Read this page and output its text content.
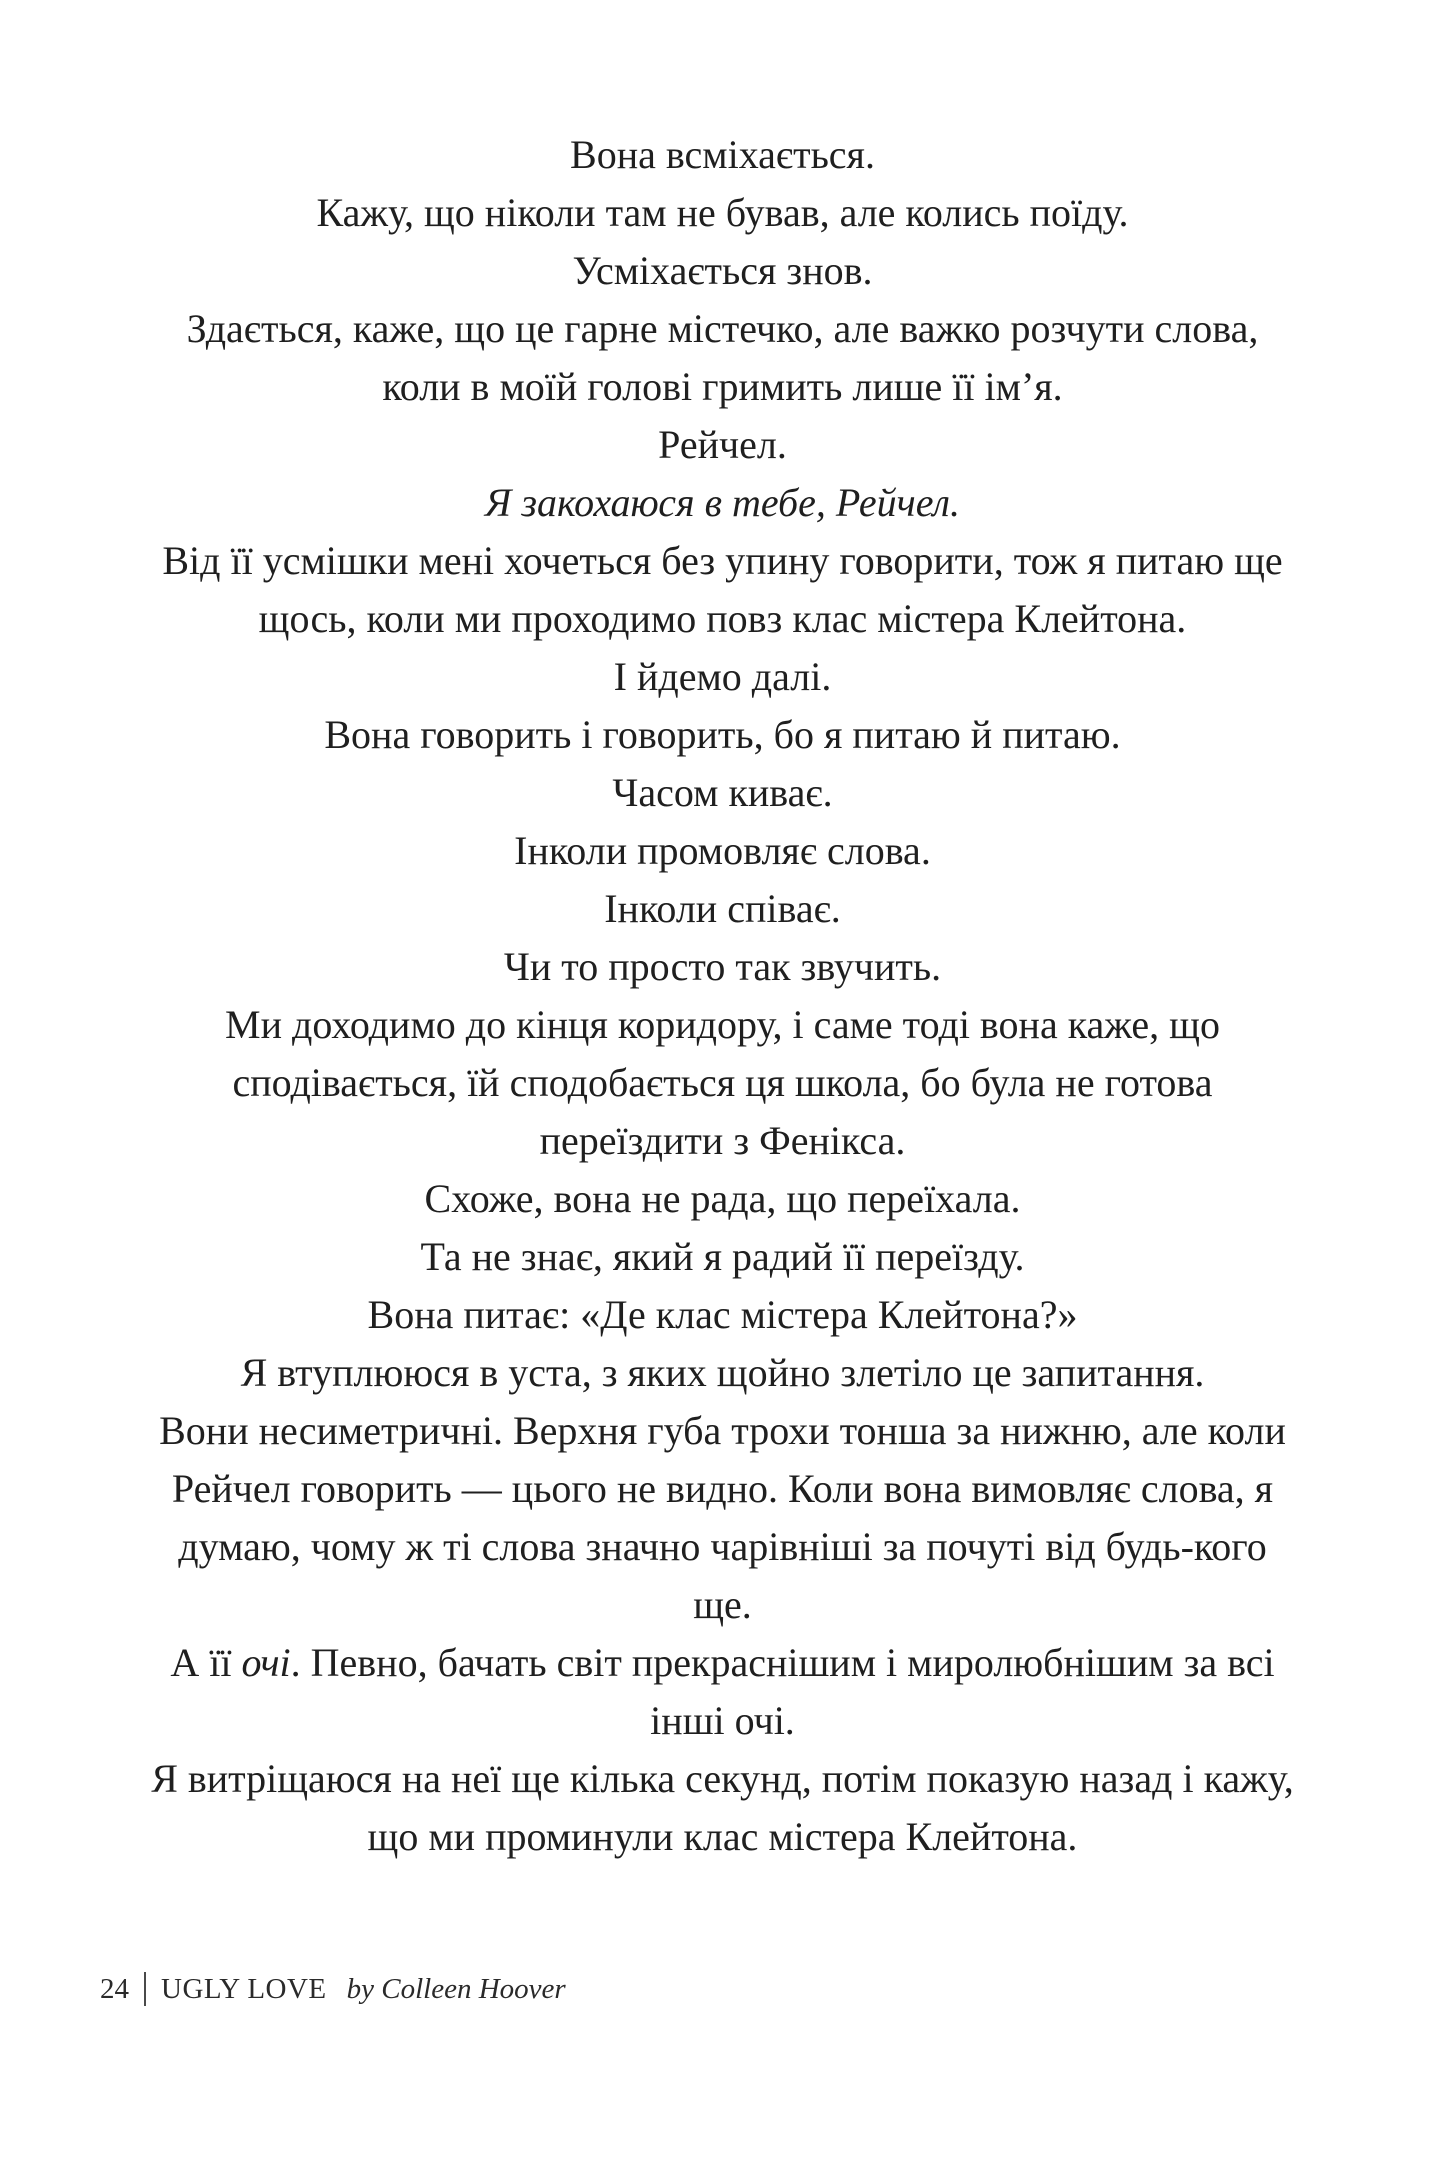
Вона всміхається.

Кажу, що ніколи там не бував, але колись поїду.

Усміхається знов.

Здається, каже, що це гарне містечко, але важко розчути слова, коли в моїй голові гримить лише її ім’я.

Рейчел.

Я закохаюся в тебе, Рейчел.

Від її усмішки мені хочеться без упину говорити, тож я питаю ще щось, коли ми проходимо повз клас містера Клейтона.

І йдемо далі.

Вона говорить і говорить, бо я питаю й питаю.

Часом киває.

Інколи промовляє слова.

Інколи співає.

Чи то просто так звучить.

Ми доходимо до кінця коридору, і саме тоді вона каже, що сподівається, їй сподобається ця школа, бо була не готова переїздити з Фенікса.

Схоже, вона не рада, що переїхала.

Та не знає, який я радий її переїзду.

Вона питає: «Де клас містера Клейтона?»

Я втуплююся в уста, з яких щойно злетіло це запитання.

Вони несиметричні. Верхня губа трохи тонша за нижню, але коли Рейчел говорить — цього не видно. Коли вона вимовляє слова, я думаю, чому ж ті слова значно чарівніші за почуті від будь-кого ще.

А її очі. Певно, бачать світ прекраснішим і миролюбнішим за всі інші очі.

Я витріщаюся на неї ще кілька секунд, потім показую назад і кажу, що ми проминули клас містера Клейтона.

24 UGLY LOVE by Colleen Hoover
